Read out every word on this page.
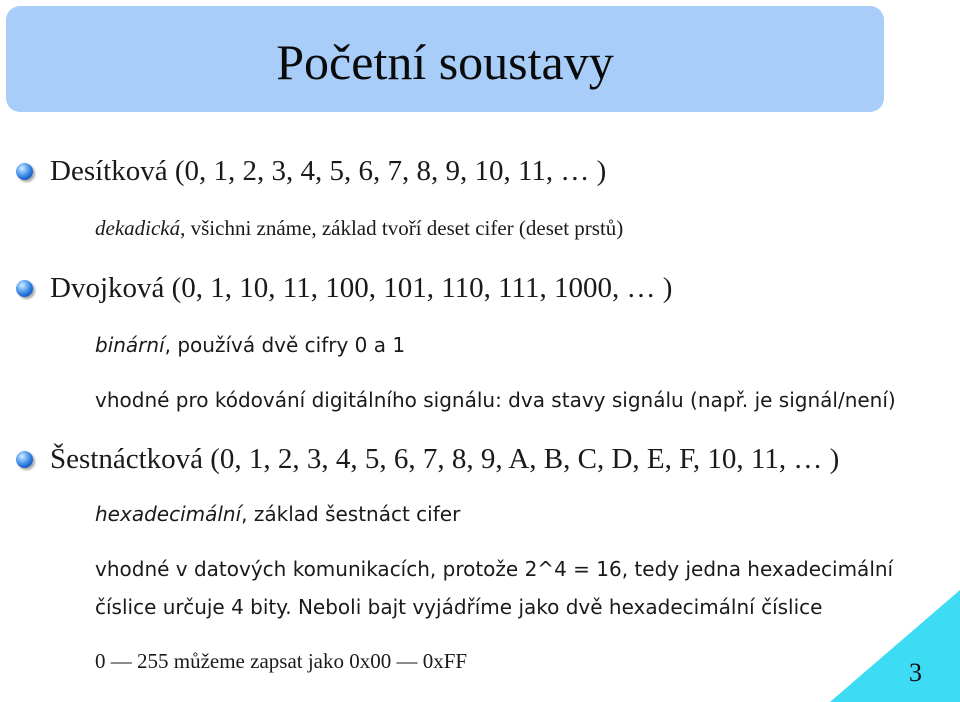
Početní soustavy
Desítková (0, 1, 2, 3, 4, 5, 6, 7, 8, 9, 10, 11, … )
dekadická, všichni známe, základ tvoří deset cifer (deset prstů)
Dvojková (0, 1, 10, 11, 100, 101, 110, 111, 1000, … )
binární, používá dvě cifry 0 a 1
vhodné pro kódování digitálního signálu: dva stavy signálu (např. je signál/není)
Šestnáctková (0, 1, 2, 3, 4, 5, 6, 7, 8, 9, A, B, C, D, E, F, 10, 11, … )
hexadecimální, základ šestnáct cifer
vhodné v datových komunikacích, protože 2^4 = 16, tedy jedna hexadecimální
číslice určuje 4 bity. Neboli bajt vyjádříme jako dvě hexadecimální číslice
0 — 255 můžeme zapsat jako 0x00 — 0xFF	3
